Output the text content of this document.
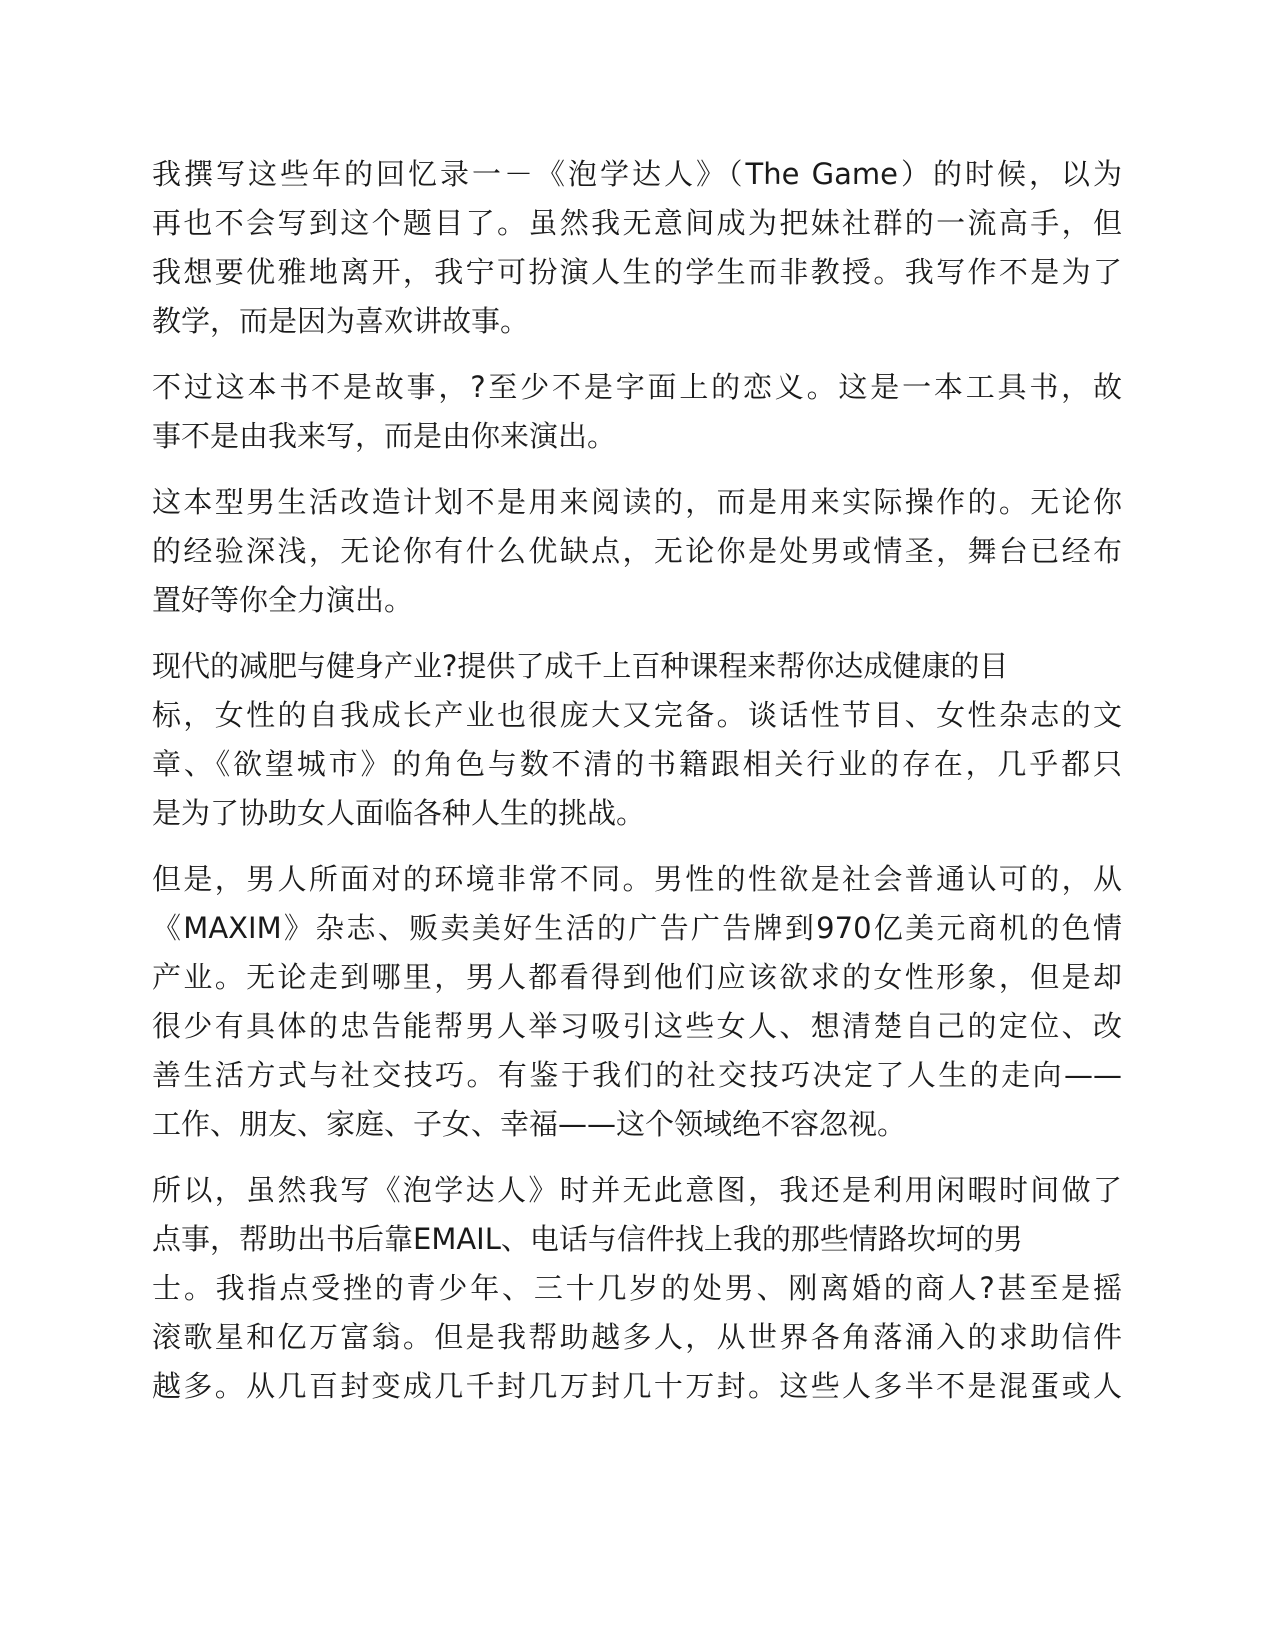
我撰写这些年的回忆录一－《泡学达人》（The Game）的时候，以为
再也不会写到这个题目了。虽然我无意间成为把妹社群的一流高手，但
我想要优雅地离开，我宁可扮演人生的学生而非教授。我写作不是为了
教学，而是因为喜欢讲故事。
不过这本书不是故事，?至少不是字面上的恋义。这是一本工具书，故
事不是由我来写，而是由你来演出。
这本型男生活改造计划不是用来阅读的，而是用来实际操作的。无论你
的经验深浅，无论你有什么优缺点，无论你是处男或情圣，舞台已经布
置好等你全力演出。
现代的减肥与健身产业?提供了成千上百种课程来帮你达成健康的目
标，女性的自我成长产业也很庞大又完备。谈话性节目、女性杂志的文
章、《欲望城市》的角色与数不清的书籍跟相关行业的存在，几乎都只
是为了协助女人面临各种人生的挑战。
但是，男人所面对的环境非常不同。男性的性欲是社会普通认可的，从
《MAXIM》杂志、贩卖美好生活的广告广告牌到970亿美元商机的色情
产业。无论走到哪里，男人都看得到他们应该欲求的女性形象，但是却
很少有具体的忠告能帮男人举习吸引这些女人、想清楚自己的定位、改
善生活方式与社交技巧。有鉴于我们的社交技巧决定了人生的走向——
工作、朋友、家庭、子女、幸福——这个领域绝不容忽视。
所以，虽然我写《泡学达人》时并无此意图，我还是利用闲暇时间做了
点事，帮助出书后靠EMAIL、电话与信件找上我的那些情路坎坷的男
士。我指点受挫的青少年、三十几岁的处男、刚离婚的商人?甚至是摇
滚歌星和亿万富翁。但是我帮助越多人，从世界各角落涌入的求助信件
越多。从几百封变成几千封几万封几十万封。这些人多半不是混蛋或人
